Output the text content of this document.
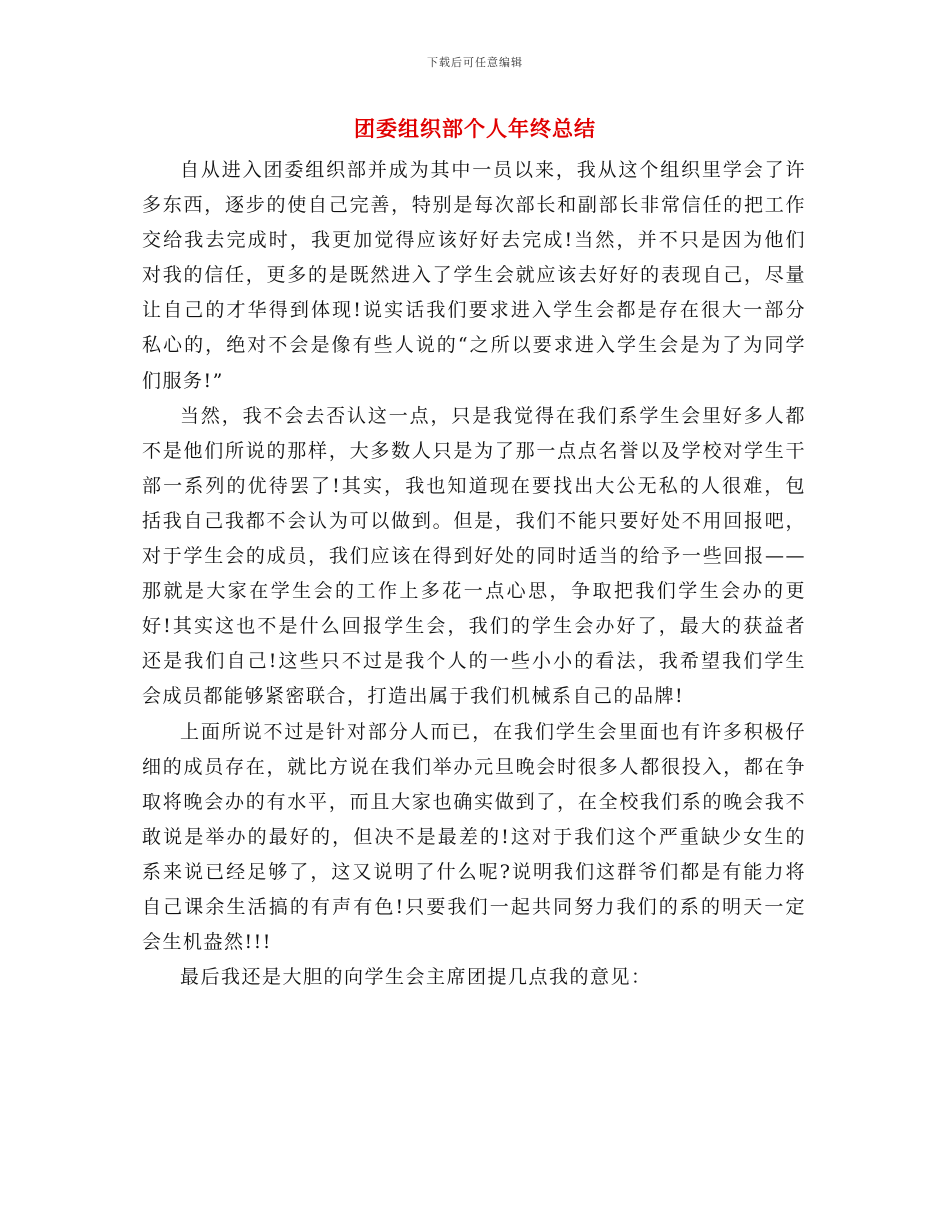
下载后可任意编辑
团委组织部个人年终总结

自从进入团委组织部并成为其中一员以来，我从这个组织里学会了许多东西，逐步的使自己完善，特别是每次部长和副部长非常信任的把工作交给我去完成时，我更加觉得应该好好去完成!当然，并不只是因为他们对我的信任，更多的是既然进入了学生会就应该去好好的表现自己，尽量让自己的才华得到体现!说实话我们要求进入学生会都是存在很大一部分私心的，绝对不会是像有些人说的“之所以要求进入学生会是为了为同学们服务!”

当然，我不会去否认这一点，只是我觉得在我们系学生会里好多人都不是他们所说的那样，大多数人只是为了那一点点名誉以及学校对学生干部一系列的优待罢了!其实，我也知道现在要找出大公无私的人很难，包括我自己我都不会认为可以做到。但是，我们不能只要好处不用回报吧，对于学生会的成员，我们应该在得到好处的同时适当的给予一些回报——那就是大家在学生会的工作上多花一点心思，争取把我们学生会办的更好!其实这也不是什么回报学生会，我们的学生会办好了，最大的获益者还是我们自己!这些只不过是我个人的一些小小的看法，我希望我们学生会成员都能够紧密联合，打造出属于我们机械系自己的品牌!

上面所说不过是针对部分人而已，在我们学生会里面也有许多积极仔细的成员存在，就比方说在我们举办元旦晚会时很多人都很投入，都在争取将晚会办的有水平，而且大家也确实做到了，在全校我们系的晚会我不敢说是举办的最好的，但决不是最差的!这对于我们这个严重缺少女生的系来说已经足够了，这又说明了什么呢?说明我们这群爷们都是有能力将自己课余生活搞的有声有色!只要我们一起共同努力我们的系的明天一定会生机盎然!!!

最后我还是大胆的向学生会主席团提几点我的意见：
